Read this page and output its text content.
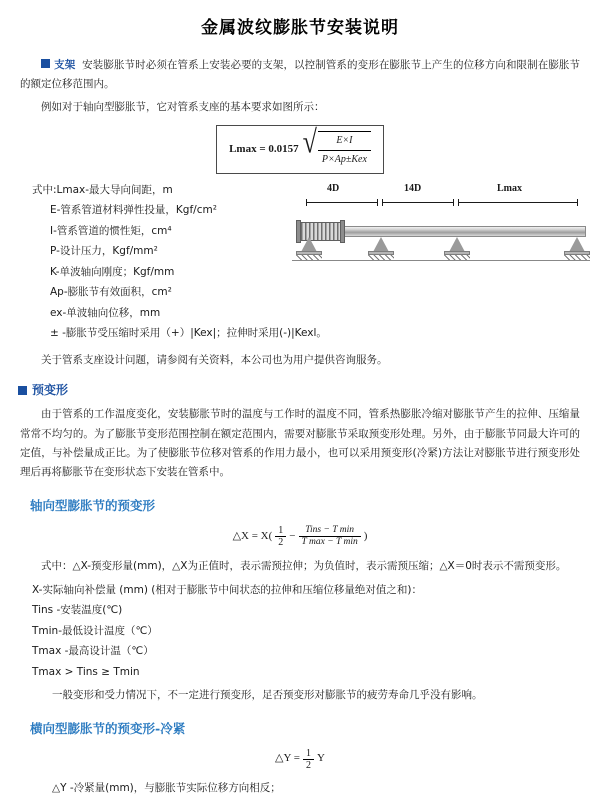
金属波纹膨胀节安装说明
支架 安装膨胀节时必须在管系上安装必要的支架，以控制管系的变形在膨胀节上产生的位移方向和限制在膨胀节的额定位移范围内。
例如对于轴向型膨胀节，它对管系支座的基本要求如图所示：
Lmax = 0.0157 √ $\frac{E\times I}{\text{P×Ap±Kex}}$
4D	14D	Lmax
式中:Lmax-最大导向间距，m
E-管系管道材料弹性投量，Kgf/cm²
I-管系管道的惯性矩，cm⁴
P-设计压力，Kgf/mm²
K-单波轴向刚度；Kgf/mm
Ap-膨胀节有效面积，cm²
ex-单波轴向位移，mm
± -膨胀节受压缩时采用（+）|Kex|；拉伸时采用(-)|Kexl。
关于管系支座设计问题，请参阅有关资料，本公司也为用户提供咨询服务。
预变形
由于管系的工作温度变化，安装膨胀节时的温度与工作时的温度不同，管系热膨胀冷缩对膨胀节产生的拉伸、压缩量常常不均匀的。为了膨胀节变形范围控制在额定范围内，需要对膨胀节采取预变形处理。另外，由于膨胀节同最大许可的定值，与补偿量成正比。为了使膨胀节位移对管系的作用力最小，也可以采用预变形(冷紧)方法让对膨胀节进行预变形处理后再将膨胀节在变形状态下安装在管系中。
轴向型膨胀节的预变形
△X = $X( \frac{1}{2}$ −
Tins − T min
T max − T min
)
式中：△X-预变形量(mm)，△X为正值时，表示需预拉伸；为负值时，表示需预压缩；△X＝0时表示不需预变形。
X-实际轴向补偿量 (mm) (相对于膨胀节中间状态的拉伸和压缩位移量绝对值之和)：
Tins -安装温度(℃)
Tmin-最低设计温度（℃）
Tmax -最高设计温（℃）
Tmax > Tins ≥ Tmin
一般变形和受力情况下，不一定进行预变形，足否预变形对膨胀节的疲劳寿命几乎没有影响。
横向型膨胀节的预变形-冷紧
△Y = $\frac{1}{2}$ Y
△Y -冷紧量(mm)，与膨胀节实际位移方向相反；
